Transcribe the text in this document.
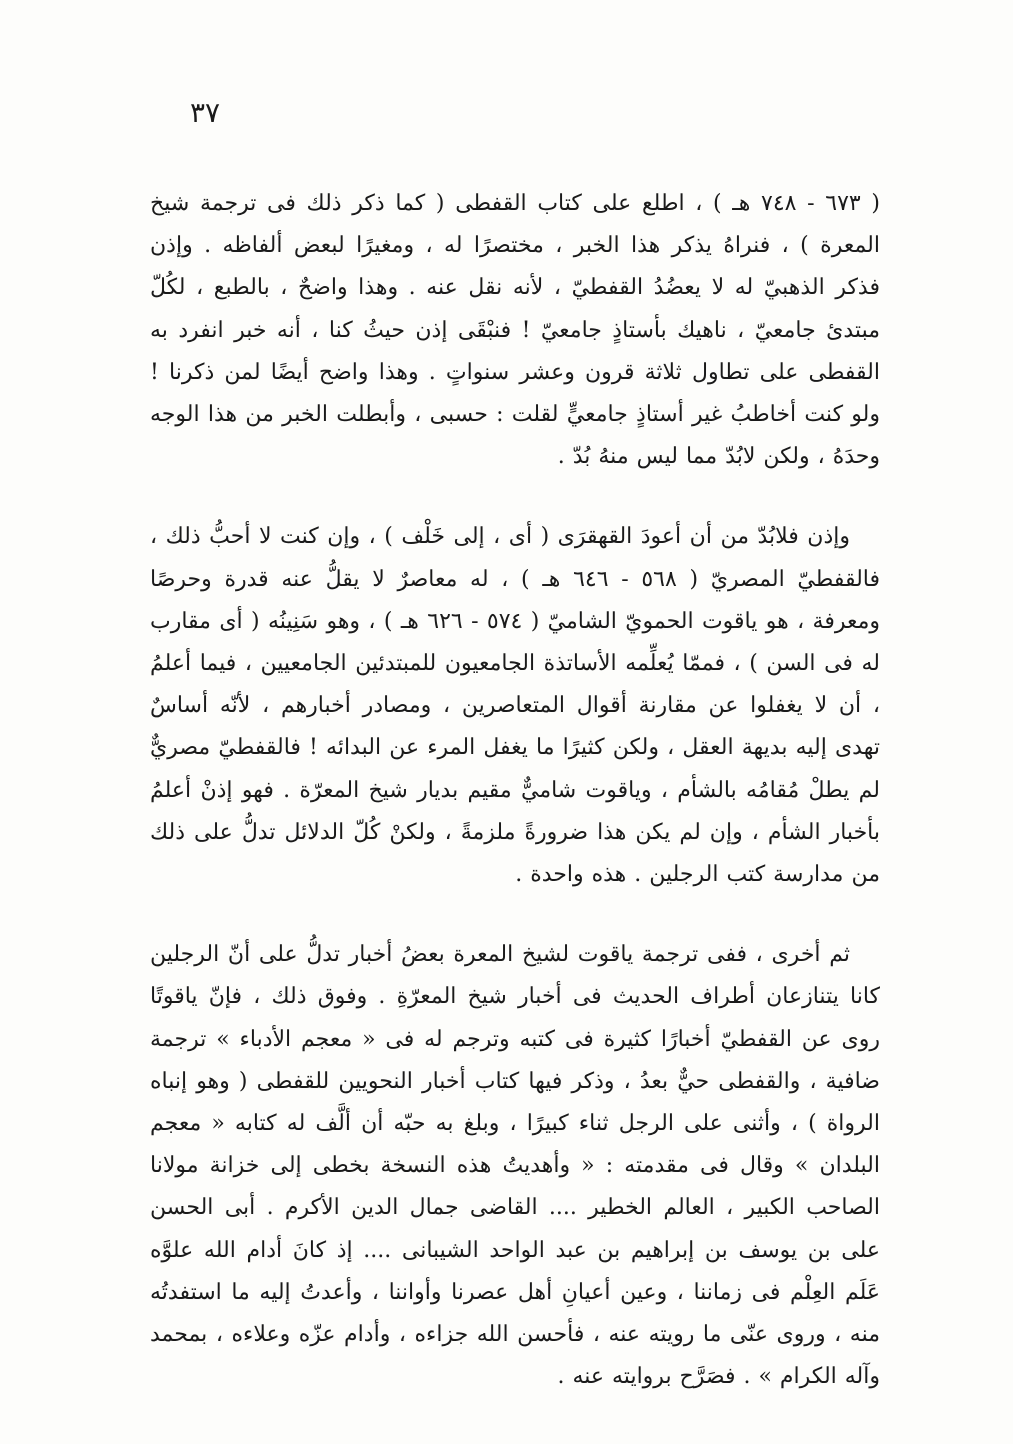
٣٧

( ٦٧٣ - ٧٤٨ هـ ) ، اطلع على كتاب القفطى ( كما ذكر ذلك فى ترجمة شيخ المعرة ) ، فنراهُ يذكر هذا الخبر ، مختصرًا له ، ومغيرًا لبعض ألفاظه . وإذن فذكر الذهبيّ له لا يعضُدُ القفطيّ ، لأنه نقل عنه . وهذا واضحٌ ، بالطبع ، لكُلّ مبتدئ جامعيّ ، ناهيك بأستاذٍ جامعيّ ! فنبْقَى إذن حيثُ كنا ، أنه خبر انفرد به القفطى على تطاول ثلاثة قرون وعشر سنواتٍ . وهذا واضح أيضًا لمن ذكرنا ! ولو كنت أخاطبُ غير أستاذٍ جامعيٍّ لقلت : حسبى ، وأبطلت الخبر من هذا الوجه وحدَهُ ، ولكن لابُدّ مما ليس منهُ بُدّ .

وإذن فلابُدّ من أن أعودَ القهقرَى ( أى ، إلى خَلْف ) ، وإن كنت لا أحبُّ ذلك ، فالقفطيّ المصريّ ( ٥٦٨ - ٦٤٦ هـ ) ، له معاصرٌ لا يقلُّ عنه قدرة وحرصًا ومعرفة ، هو ياقوت الحمويّ الشاميّ ( ٥٧٤ - ٦٢٦ هـ ) ، وهو سَنِينُه ( أى مقارب له فى السن ) ، فممّا يُعلِّمه الأساتذة الجامعيون للمبتدئين الجامعيين ، فيما أعلمُ ، أن لا يغفلوا عن مقارنة أقوال المتعاصرين ، ومصادر أخبارهم ، لأنّه أساسٌ تهدى إليه بديهة العقل ، ولكن كثيرًا ما يغفل المرء عن البدائه ! فالقفطيّ مصريٌّ لم يطلْ مُقامُه بالشأم ، وياقوت شاميٌّ مقيم بديار شيخ المعرّة . فهو إذنْ أعلمُ بأخبار الشأم ، وإن لم يكن هذا ضرورةً ملزمةً ، ولكنْ كُلّ الدلائل تدلُّ على ذلك من مدارسة كتب الرجلين . هذه واحدة .

ثم أخرى ، ففى ترجمة ياقوت لشيخ المعرة بعضُ أخبار تدلُّ على أنّ الرجلين كانا يتنازعان أطراف الحديث فى أخبار شيخ المعرّةِ . وفوق ذلك ، فإنّ ياقوتًا روى عن القفطيّ أخبارًا كثيرة فى كتبه وترجم له فى « معجم الأدباء » ترجمة ضافية ، والقفطى حيٌّ بعدُ ، وذكر فيها كتاب أخبار النحويين للقفطى ( وهو إنباه الرواة ) ، وأثنى على الرجل ثناء كبيرًا ، وبلغ به حبّه أن ألَّف له كتابه « معجم البلدان » وقال فى مقدمته : « وأهديتُ هذه النسخة بخطى إلى خزانة مولانا الصاحب الكبير ، العالم الخطير .... القاضى جمال الدين الأكرم . أبى الحسن على بن يوسف بن إبراهيم بن عبد الواحد الشيبانى .... إذ كانَ أدام الله علوَّه عَلَم العِلْم فى زماننا ، وعين أعيانِ أهل عصرنا وأواننا ، وأعدتُ إليه ما استفدتُه منه ، وروى عنّى ما رويته عنه ، فأحسن الله جزاءه ، وأدام عزّه وعلاءه ، بمحمد وآله الكرام » . فصَرَّح بروايته عنه .
